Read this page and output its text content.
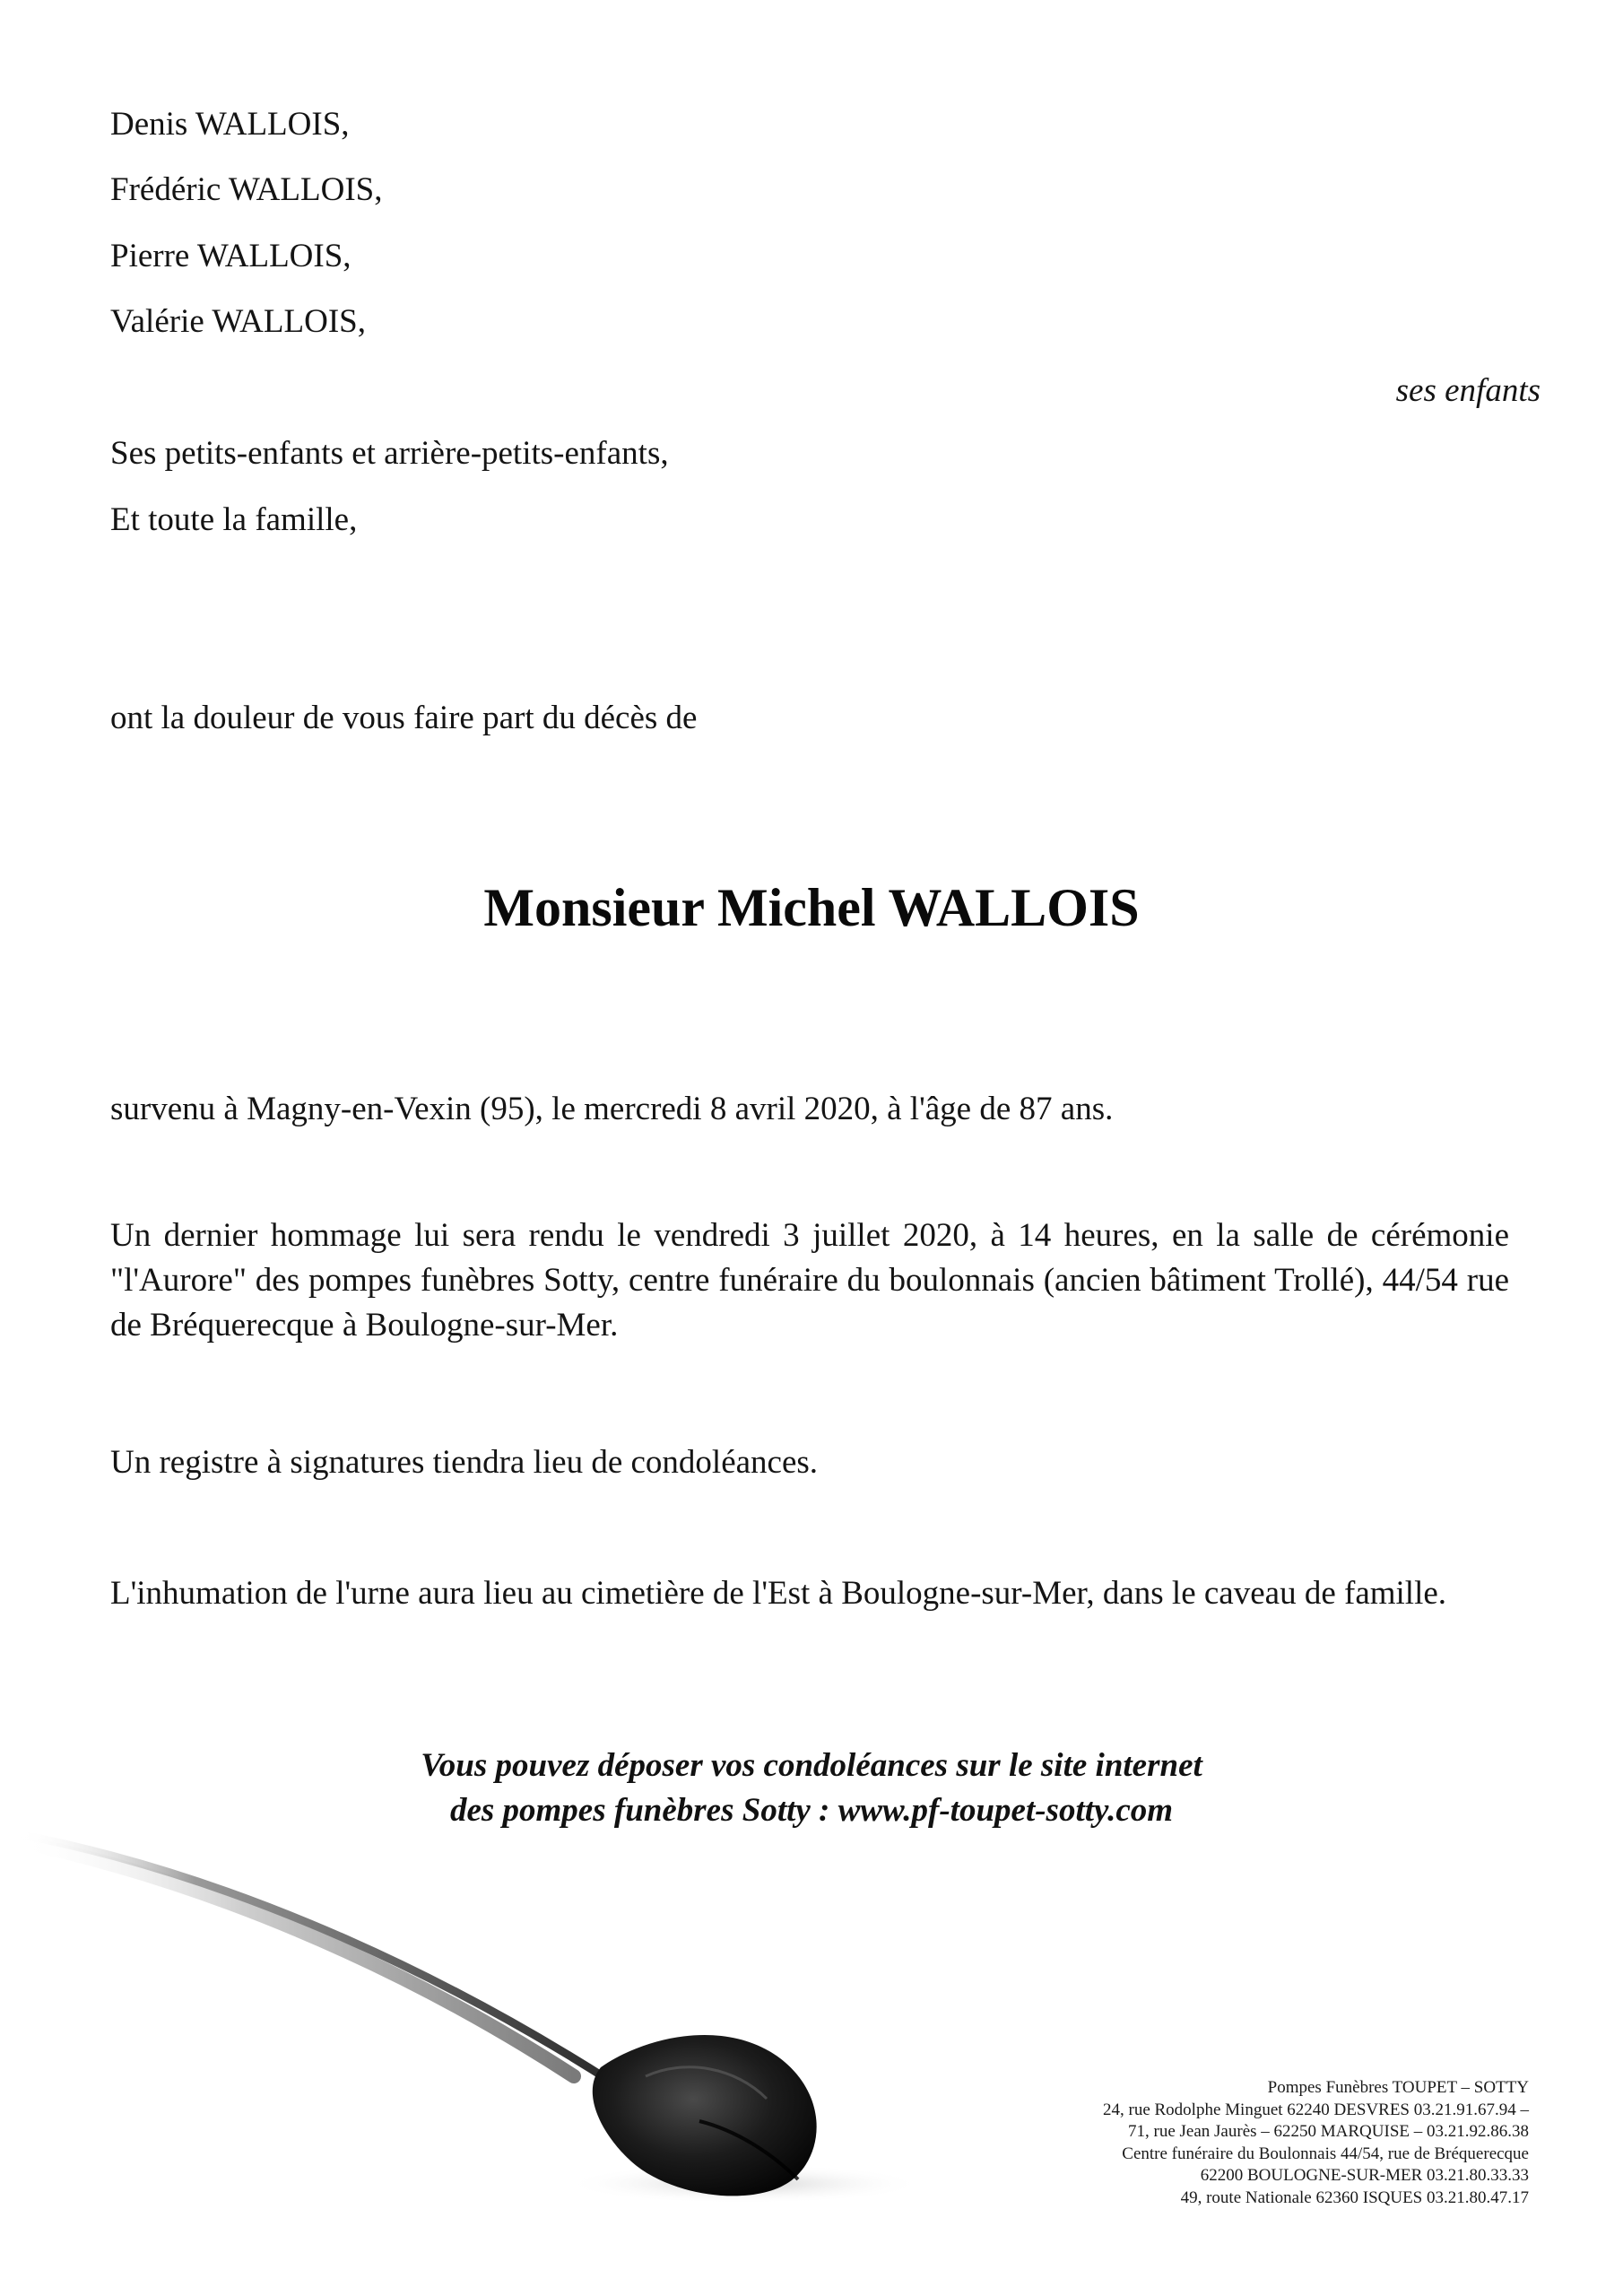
Denis WALLOIS,
Frédéric WALLOIS,
Pierre WALLOIS,
Valérie WALLOIS,
ses enfants
Ses petits-enfants et arrière-petits-enfants,
Et toute la famille,
ont la douleur de vous faire part du décès de
Monsieur Michel WALLOIS
survenu à Magny-en-Vexin (95), le mercredi 8 avril 2020, à l'âge de 87 ans.
Un dernier hommage lui sera rendu le vendredi 3 juillet 2020, à 14 heures, en la salle de cérémonie "l'Aurore" des pompes funèbres Sotty, centre funéraire du boulonnais (ancien bâtiment Trollé), 44/54 rue de Bréquerecque à Boulogne-sur-Mer.
Un registre à signatures tiendra lieu de condoléances.
L'inhumation de l'urne aura lieu au cimetière de l'Est à Boulogne-sur-Mer, dans le caveau de famille.
Vous pouvez déposer vos condoléances sur le site internet
des pompes funèbres Sotty : www.pf-toupet-sotty.com
Pompes Funèbres TOUPET – SOTTY
24, rue Rodolphe Minguet 62240 DESVRES 03.21.91.67.94 –
71, rue Jean Jaurès – 62250 MARQUISE – 03.21.92.86.38
Centre funéraire du Boulonnais 44/54, rue de Bréquerecque
62200 BOULOGNE-SUR-MER 03.21.80.33.33
49, route Nationale 62360 ISQUES 03.21.80.47.17
